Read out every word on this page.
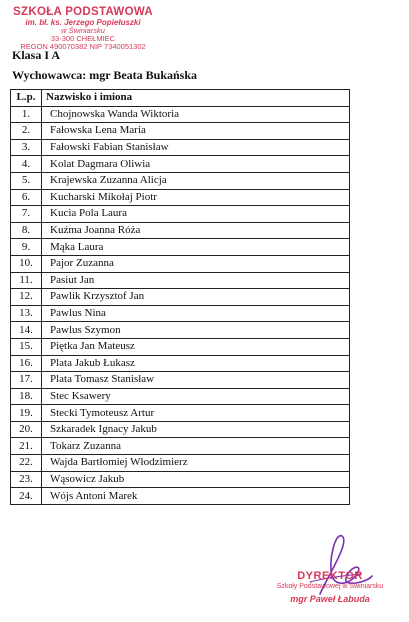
SZKOŁA PODSTAWOWA
im. bł. ks. Jerzego Popiełuszki
w Świniarsku
33-300 CHEŁMIEC
REGON 490070382 NIP 7340051302
Klasa I A
Wychowawca: mgr Beata Bukańska
L.p.	Nazwisko i imiona
1.	Chojnowska Wanda Wiktoria
2.	Fałowska Lena Maria
3.	Fałowski Fabian Stanisław
4.	Kolat Dagmara Oliwia
5.	Krajewska Zuzanna Alicja
6.	Kucharski Mikołaj Piotr
7.	Kucia Pola Laura
8.	Kuźma Joanna Róża
9.	Mąka Laura
10.	Pajor Zuzanna
11.	Pasiut Jan
12.	Pawlik Krzysztof Jan
13.	Pawlus Nina
14.	Pawlus Szymon
15.	Piętka Jan Mateusz
16.	Plata Jakub Łukasz
17.	Plata Tomasz Stanisław
18.	Stec Ksawery
19.	Stecki Tymoteusz Artur
20.	Szkaradek Ignacy Jakub
21.	Tokarz Zuzanna
22.	Wajda Bartłomiej Włodzimierz
23.	Wąsowicz Jakub
24.	Wójs Antoni Marek
DYREKTOR
Szkoły Podstawowej w Świniarsku
mgr Paweł Łabuda
